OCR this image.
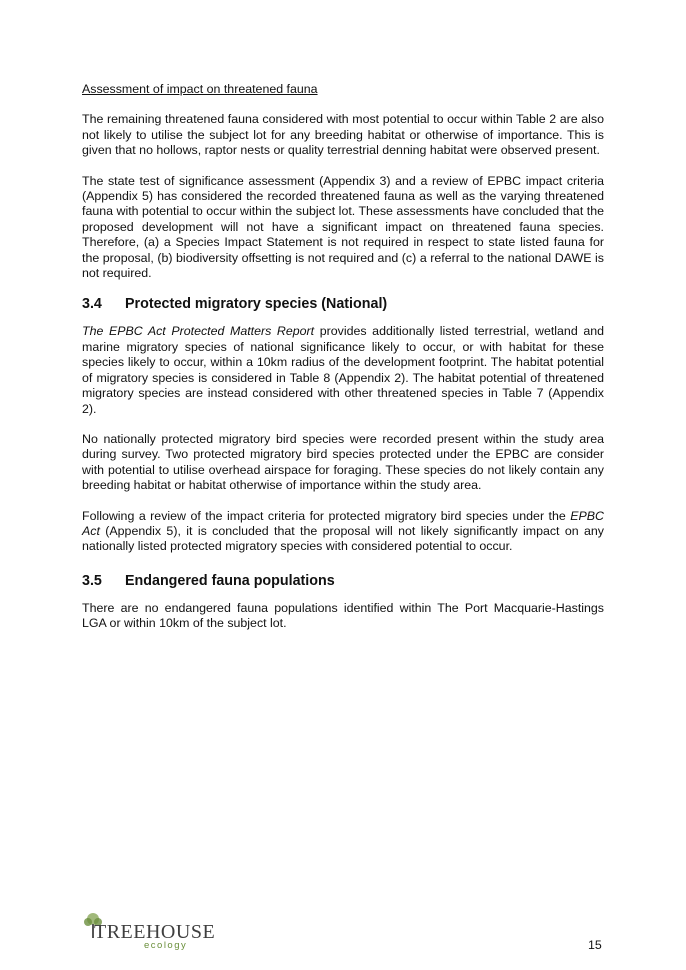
Assessment of impact on threatened fauna

The remaining threatened fauna considered with most potential to occur within Table 2 are also not likely to utilise the subject lot for any breeding habitat or otherwise of importance. This is given that no hollows, raptor nests or quality terrestrial denning habitat were observed present.

The state test of significance assessment (Appendix 3) and a review of EPBC impact criteria (Appendix 5) has considered the recorded threatened fauna as well as the varying threatened fauna with potential to occur within the subject lot. These assessments have concluded that the proposed development will not have a significant impact on threatened fauna species. Therefore, (a) a Species Impact Statement is not required in respect to state listed fauna for the proposal, (b) biodiversity offsetting is not required and (c) a referral to the national DAWE is not required.

3.4	Protected migratory species (National)

The EPBC Act Protected Matters Report provides additionally listed terrestrial, wetland and marine migratory species of national significance likely to occur, or with habitat for these species likely to occur, within a 10km radius of the development footprint. The habitat potential of migratory species is considered in Table 8 (Appendix 2). The habitat potential of threatened migratory species are instead considered with other threatened species in Table 7 (Appendix 2).

No nationally protected migratory bird species were recorded present within the study area during survey. Two protected migratory bird species protected under the EPBC are consider with potential to utilise overhead airspace for foraging. These species do not likely contain any breeding habitat or habitat otherwise of importance within the study area.

Following a review of the impact criteria for protected migratory bird species under the EPBC Act (Appendix 5), it is concluded that the proposal will not likely significantly impact on any nationally listed protected migratory species with considered potential to occur.

3.5	Endangered fauna populations

There are no endangered fauna populations identified within The Port Macquarie-Hastings LGA or within 10km of the subject lot.

TREEHOUSE
ecology	15
